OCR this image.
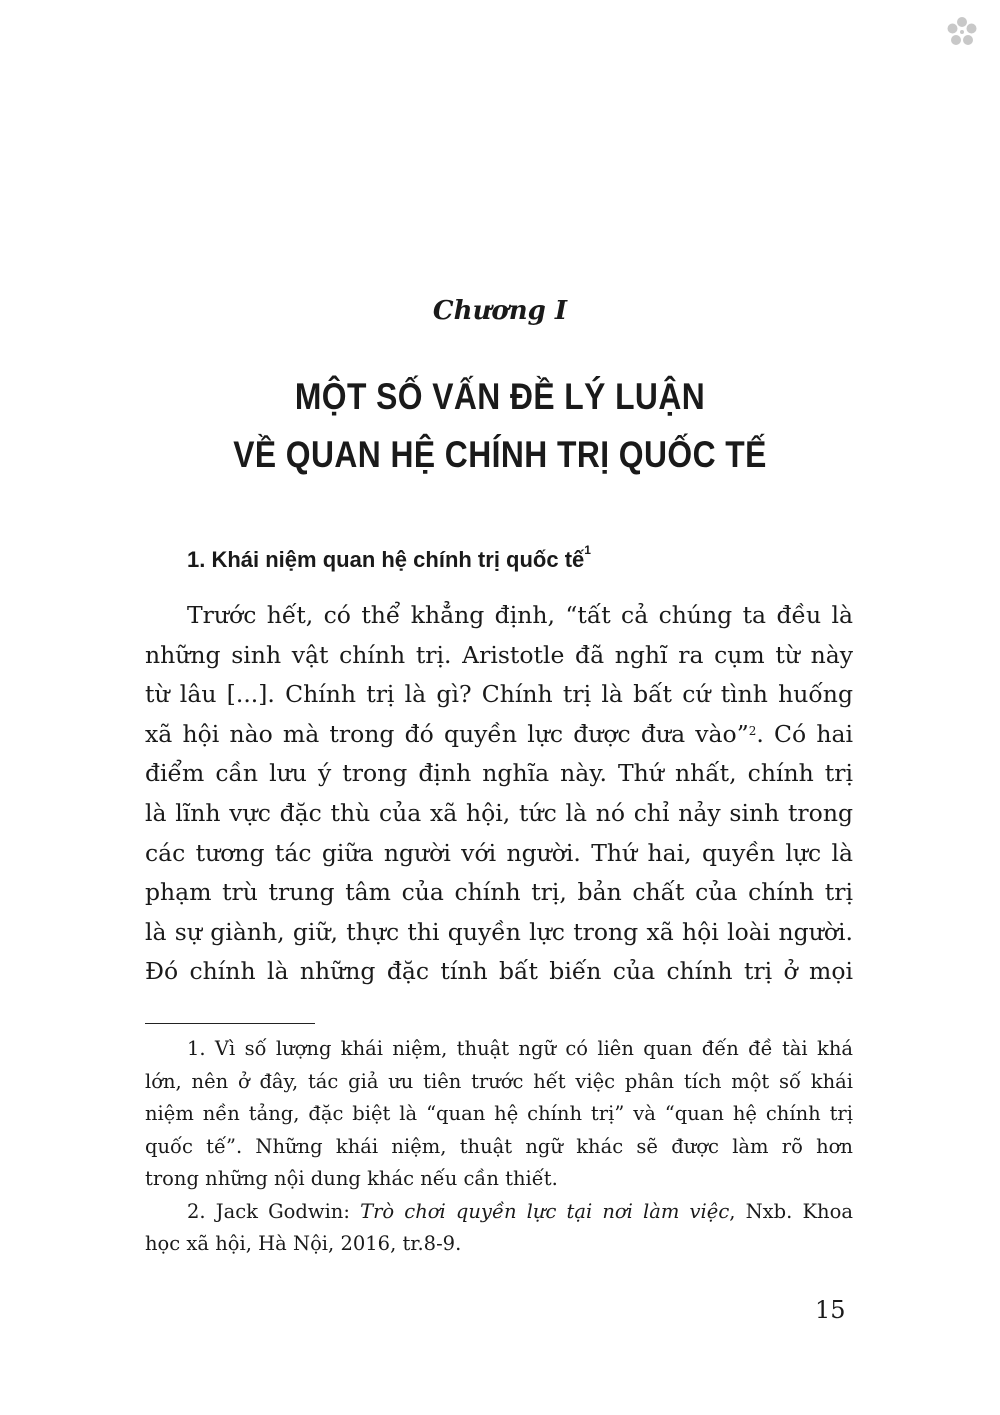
Chương I
MỘT SỐ VẤN ĐỀ LÝ LUẬN
VỀ QUAN HỆ CHÍNH TRỊ QUỐC TẾ
1. Khái niệm quan hệ chính trị quốc tế$^1$
Trước hết, có thể khẳng định, “tất cả chúng ta đều là
những sinh vật chính trị. Aristotle đã nghĩ ra cụm từ này
từ lâu [...]. Chính trị là gì? Chính trị là bất cứ tình huống
xã hội nào mà trong đó quyền lực được đưa vào”$^2$. Có hai
điểm cần lưu ý trong định nghĩa này. Thứ nhất, chính trị
là lĩnh vực đặc thù của xã hội, tức là nó chỉ nảy sinh trong
các tương tác giữa người với người. Thứ hai, quyền lực là
phạm trù trung tâm của chính trị, bản chất của chính trị
là sự giành, giữ, thực thi quyền lực trong xã hội loài người.
Đó chính là những đặc tính bất biến của chính trị ở mọi
1. Vì số lượng khái niệm, thuật ngữ có liên quan đến đề tài khá
lớn, nên ở đây, tác giả ưu tiên trước hết việc phân tích một số khái
niệm nền tảng, đặc biệt là “quan hệ chính trị” và “quan hệ chính trị
quốc tế”. Những khái niệm, thuật ngữ khác sẽ được làm rõ hơn
trong những nội dung khác nếu cần thiết.
2. Jack Godwin: Trò chơi quyền lực tại nơi làm việc, Nxb. Khoa
học xã hội, Hà Nội, 2016, tr.8-9.
15
